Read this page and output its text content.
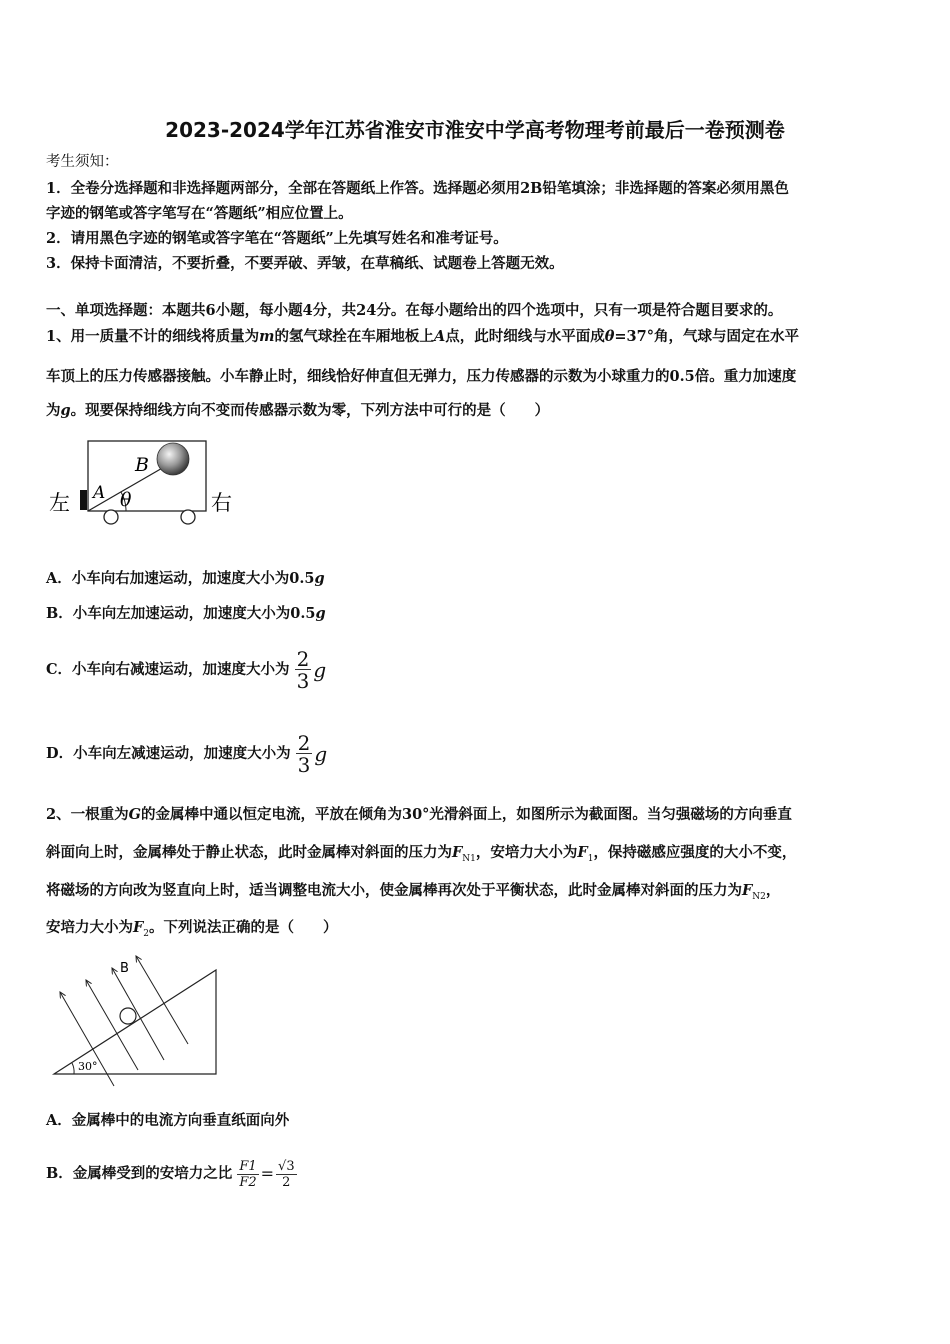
2023-2024学年江苏省淮安市淮安中学高考物理考前最后一卷预测卷
考生须知：
1．全卷分选择题和非选择题两部分，全部在答题纸上作答。选择题必须用2B铅笔填涂；非选择题的答案必须用黑色
字迹的钢笔或答字笔写在“答题纸”相应位置上。
2．请用黑色字迹的钢笔或答字笔在“答题纸”上先填写姓名和准考证号。
3．保持卡面清洁，不要折叠，不要弄破、弄皱，在草稿纸、试题卷上答题无效。
一、单项选择题：本题共6小题，每小题4分，共24分。在每小题给出的四个选项中，只有一项是符合题目要求的。
1、用一质量不计的细线将质量为m的氢气球拴在车厢地板上A点，此时细线与水平面成θ=37°角，气球与固定在水平
车顶上的压力传感器接触。小车静止时，细线恰好伸直但无弹力，压力传感器的示数为小球重力的0.5倍。重力加速度
为g。现要保持细线方向不变而传感器示数为零，下列方法中可行的是（　　）
左	右
B
A θ
A．小车向右加速运动，加速度大小为0.5g
B．小车向左加速运动，加速度大小为0.5g
C．小车向右减速运动，加速度大小为 $\frac{2}{3}$ g
D．小车向左减速运动，加速度大小为 $\frac{2}{3}$ g
2、一根重为G的金属棒中通以恒定电流，平放在倾角为30°光滑斜面上，如图所示为截面图。当匀强磁场的方向垂直
斜面向上时，金属棒处于静止状态，此时金属棒对斜面的压力为$F_{N1}$，安培力大小为$F_1$，保持磁感应强度的大小不变，
将磁场的方向改为竖直向上时，适当调整电流大小，使金属棒再次处于平衡状态，此时金属棒对斜面的压力为$F_{N2}$，
安培力大小为$F_2$。下列说法正确的是（　　）
B
30°
A．金属棒中的电流方向垂直纸面向外
B．金属棒受到的安培力之比 $\frac{F1}{F2} = \frac{√3}{2}$
